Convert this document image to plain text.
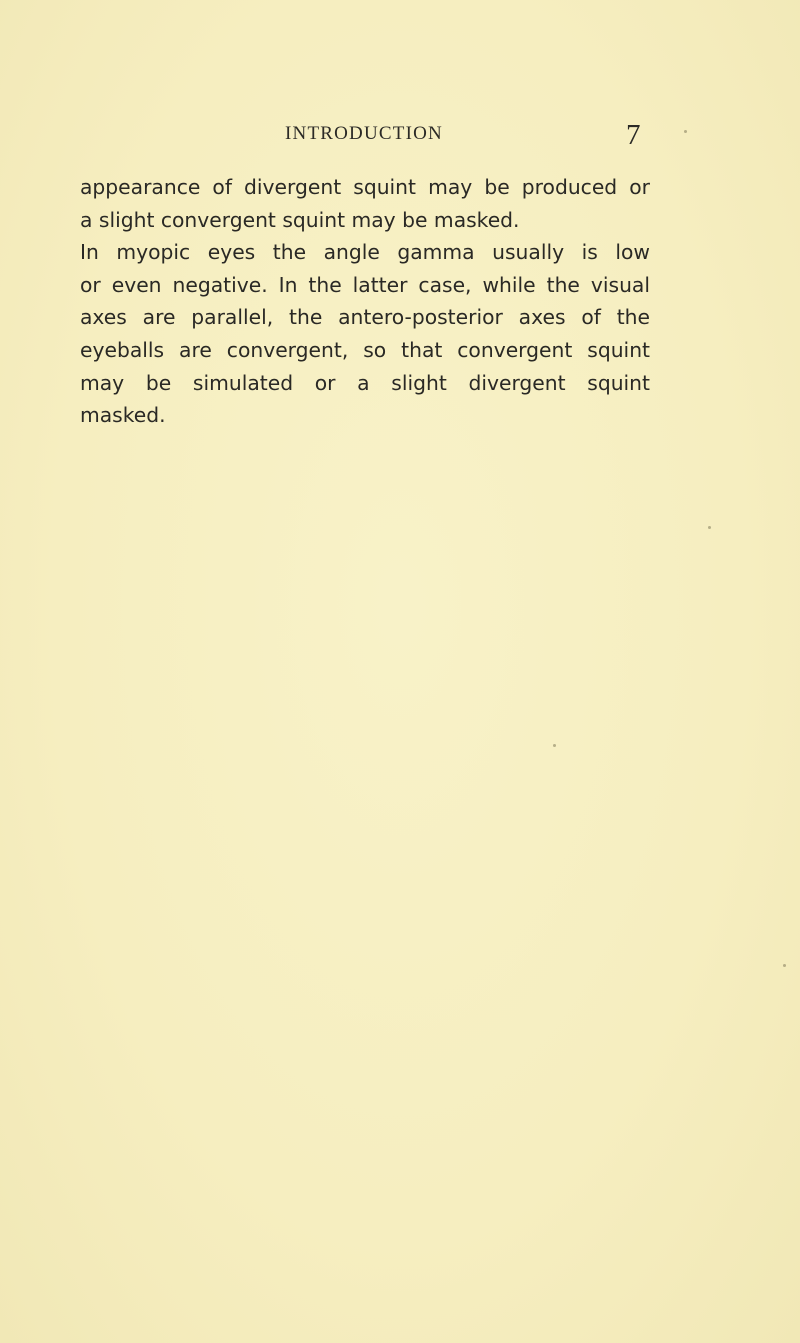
INTRODUCTION	7

appearance of divergent squint may be produced or
a slight convergent squint may be masked.

In myopic eyes the angle gamma usually is low
or even negative. In the latter case, while the visual
axes are parallel, the antero-posterior axes of the
eyeballs are convergent, so that convergent squint
may be simulated or a slight divergent squint
masked.
